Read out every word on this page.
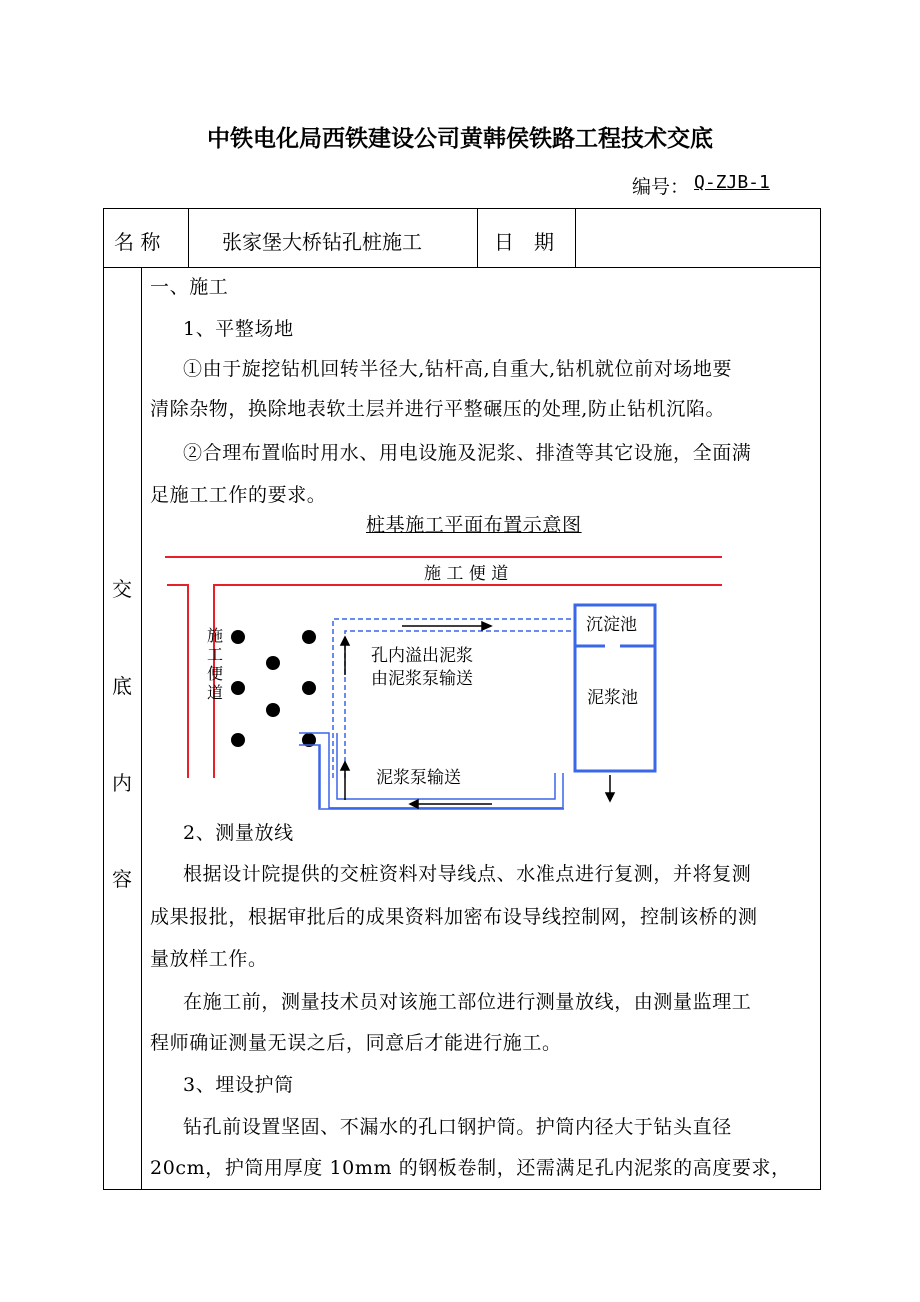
中铁电化局西铁建设公司黄韩侯铁路工程技术交底
编号： Q-ZJB-1
名 称	张家堡大桥钻孔桩施工	日　期
交
底
内
容
一、施工
1、平整场地
①由于旋挖钻机回转半径大,钻杆高,自重大,钻机就位前对场地要
清除杂物，换除地表软土层并进行平整碾压的处理,防止钻机沉陷。
②合理布置临时用水、用电设施及泥浆、排渣等其它设施，全面满
足施工工作的要求。
桩基施工平面布置示意图
施 工 便 道
施
工
便
道
孔内溢出泥浆
由泥浆泵输送
泥浆泵输送
沉淀池
泥浆池
2、测量放线
根据设计院提供的交桩资料对导线点、水准点进行复测，并将复测
成果报批，根据审批后的成果资料加密布设导线控制网，控制该桥的测
量放样工作。
在施工前，测量技术员对该施工部位进行测量放线，由测量监理工
程师确证测量无误之后，同意后才能进行施工。
3、埋设护筒
钻孔前设置坚固、不漏水的孔口钢护筒。护筒内径大于钻头直径
20cm，护筒用厚度 10mm 的钢板卷制，还需满足孔内泥浆的高度要求，
